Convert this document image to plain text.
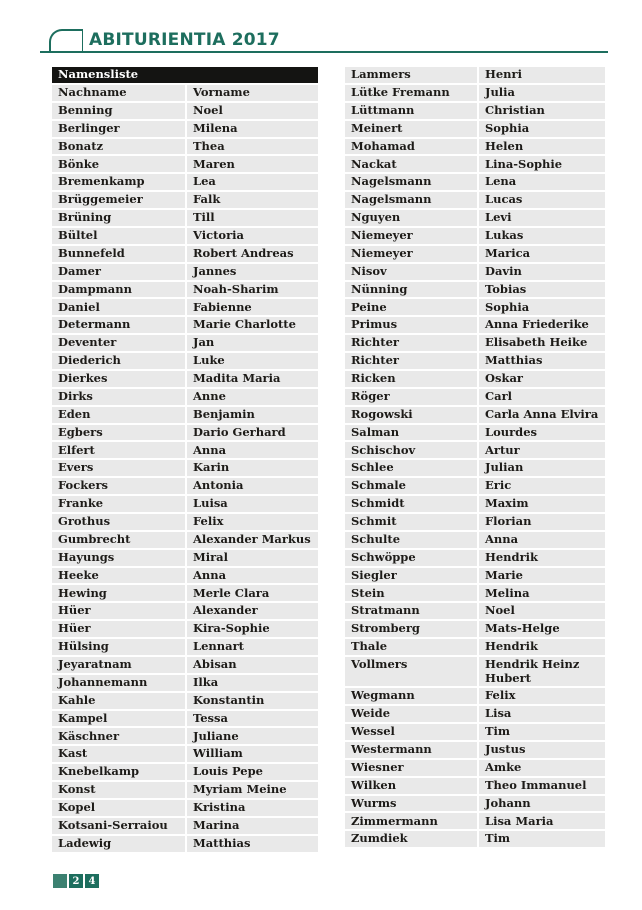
ABITURIENTIA 2017
Namensliste
Nachname	Vorname
Benning	Noel
Berlinger	Milena
Bonatz	Thea
Bönke	Maren
Bremenkamp	Lea
Brüggemeier	Falk
Brüning	Till
Bültel	Victoria
Bunnefeld	Robert Andreas
Damer	Jannes
Dampmann	Noah-Sharim
Daniel	Fabienne
Determann	Marie Charlotte
Deventer	Jan
Diederich	Luke
Dierkes	Madita Maria
Dirks	Anne
Eden	Benjamin
Egbers	Dario Gerhard
Elfert	Anna
Evers	Karin
Fockers	Antonia
Franke	Luisa
Grothus	Felix
Gumbrecht	Alexander Markus
Hayungs	Miral
Heeke	Anna
Hewing	Merle Clara
Hüer	Alexander
Hüer	Kira-Sophie
Hülsing	Lennart
Jeyaratnam	Abisan
Johannemann	Ilka
Kahle	Konstantin
Kampel	Tessa
Käschner	Juliane
Kast	William
Knebelkamp	Louis Pepe
Konst	Myriam Meine
Kopel	Kristina
Kotsani-Serraiou	Marina
Ladewig	Matthias
Lammers	Henri
Lütke Fremann	Julia
Lüttmann	Christian
Meinert	Sophia
Mohamad	Helen
Nackat	Lina-Sophie
Nagelsmann	Lena
Nagelsmann	Lucas
Nguyen	Levi
Niemeyer	Lukas
Niemeyer	Marica
Nisov	Davin
Nünning	Tobias
Peine	Sophia
Primus	Anna Friederike
Richter	Elisabeth Heike
Richter	Matthias
Ricken	Oskar
Röger	Carl
Rogowski	Carla Anna Elvira
Salman	Lourdes
Schischov	Artur
Schlee	Julian
Schmale	Eric
Schmidt	Maxim
Schmit	Florian
Schulte	Anna
Schwöppe	Hendrik
Siegler	Marie
Stein	Melina
Stratmann	Noel
Stromberg	Mats-Helge
Thale	Hendrik
Vollmers	Hendrik Heinz Hubert
Wegmann	Felix
Weide	Lisa
Wessel	Tim
Westermann	Justus
Wiesner	Amke
Wilken	Theo Immanuel
Wurms	Johann
Zimmermann	Lisa Maria
Zumdiek	Tim
2 4
